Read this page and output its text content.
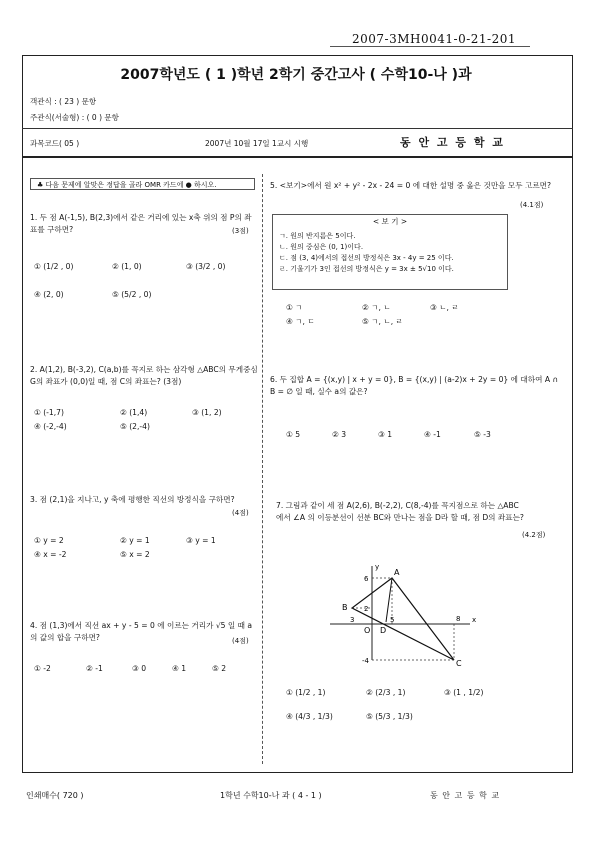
2007-3MH0041-0-21-201
2007학년도 ( 1 )학년 2학기 중간고사 ( 수학10-나 )과
객관식 : ( 23 ) 문항
주관식(서술형) : ( 0 ) 문항
과목코드( 05 )	2007년 10월 17일 1교시 시행	동 안 고 등 학 교
♣ 다음 문제에 알맞은 정답을 골라 OMR 카드에 ● 하시오.
1. 두 점 A(-1,5), B(2,3)에서 같은 거리에 있는 x축 위의 점 P의 좌표를 구하면?	(3점)
① (1/2 , 0)	② (1, 0)	③ (3/2 , 0)
④ (2, 0)	⑤ (5/2 , 0)
2. A(1,2), B(-3,2), C(a,b)를 꼭지로 하는 삼각형 △ABC의 무게중심 G의 좌표가 (0,0)일 때, 점 C의 좌표는? (3점)
① (-1,7)	② (1,4)	③ (1, 2)
④ (-2,-4)	⑤ (2,-4)
3. 점 (2,1)을 지나고, y 축에 평행한 직선의 방정식을 구하면?
(4점)
① y = 2	② y = 1	③ y = 1
④ x = -2	⑤ x = 2
4. 점 (1,3)에서 직선 ax + y - 5 = 0 에 이르는 거리가 √5 일 때 a의 값의 합을 구하면?	(4점)
① -2	② -1	③ 0	④ 1	⑤ 2
5. <보기>에서 원 x² + y² - 2x - 24 = 0 에 대한 설명 중 옳은 것만을 모두 고르면?
(4.1점)
< 보 기 >
ㄱ. 원의 반지름은 5이다.
ㄴ. 원의 중심은 (0, 1)이다.
ㄷ. 점 (3, 4)에서의 접선의 방정식은 3x - 4y = 25 이다.
ㄹ. 기울기가 3인 접선의 방정식은 y = 3x ± 5√10 이다.
① ㄱ	② ㄱ, ㄴ	③ ㄴ, ㄹ
④ ㄱ, ㄷ	⑤ ㄱ, ㄴ, ㄹ
6. 두 집합 A = {(x,y) | x + y = 0}, B = {(x,y) | (a-2)x + 2y = 0} 에 대하여 A ∩ B = ∅ 일 때, 실수 a의 값은?
① 5	② 3	③ 1	④ -1	⑤ -3
7. 그림과 같이 세 점 A(2,6), B(-2,2), C(8,-4)를 꼭지점으로 하는 △ABC 에서 ∠A 의 이등분선이 선분 BC와 만나는 점을 D라 할 때, 점 D의 좌표는?
(4.2점)
A
B
C
D
O
y
x
6
2
5
3
-4
8
① (1/2 , 1)	② (2/3 , 1)	③ (1 , 1/2)
④ (4/3 , 1/3)	⑤ (5/3 , 1/3)
인쇄매수( 720 )	1학년 수학10-나 과 ( 4 - 1 )	동 안 고 등 학 교
